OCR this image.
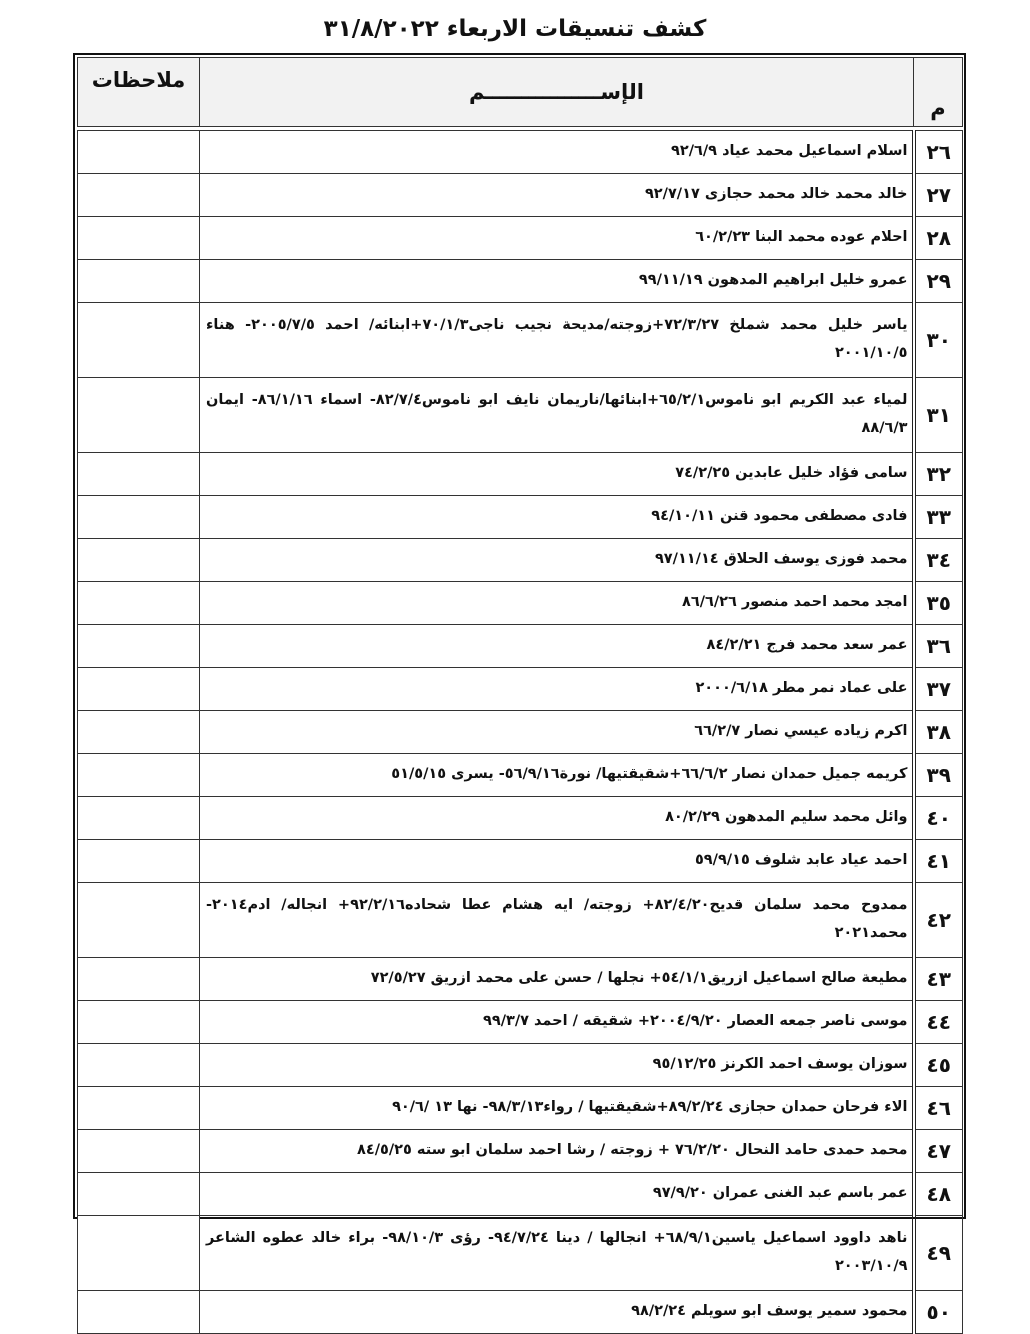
كشف تنسيقات الاربعاء ٣١/٨/٢٠٢٢
م	الإســــــــــــــــم	ملاحظات

٢٦	اسلام اسماعيل محمد عياد ٩٢/٦/٩	
٢٧	خالد محمد خالد محمد حجازى ٩٢/٧/١٧	
٢٨	احلام عوده محمد البنا ٦٠/٢/٢٣	
٢٩	عمرو خليل ابراهيم المدهون ٩٩/١١/١٩	
٣٠	ياسر خليل محمد شملخ ٧٢/٣/٢٧+زوجته/مديحة نجيب ناجى٧٠/١/٣+ابنائه/ احمد ٢٠٠٥/٧/٥- هناء ٢٠٠١/١٠/٥	
٣١	لمياء عبد الكريم ابو ناموس٦٥/٢/١+ابنائها/ناريمان نايف ابو ناموس٨٢/٧/٤- اسماء ٨٦/١/١٦- ايمان ٨٨/٦/٣	
٣٢	سامى فؤاد خليل عابدين ٧٤/٢/٢٥	
٣٣	فادى مصطفى محمود قنن ٩٤/١٠/١١	
٣٤	محمد فوزى يوسف الحلاق ٩٧/١١/١٤	
٣٥	امجد محمد احمد منصور ٨٦/٦/٢٦	
٣٦	عمر سعد محمد فرج ٨٤/٢/٢١	
٣٧	على عماد نمر مطر ٢٠٠٠/٦/١٨	
٣٨	اكرم زياده عيسي نصار ٦٦/٢/٧	
٣٩	كريمه جميل حمدان نصار ٦٦/٦/٢+شقيقتيها/ نورة٥٦/٩/١٦- يسرى ٥١/٥/١٥	
٤٠	وائل محمد سليم المدهون ٨٠/٢/٢٩	
٤١	احمد عياد عابد شلوف ٥٩/٩/١٥	
٤٢	ممدوح محمد سلمان قديح٨٢/٤/٢٠+ زوجته/ ايه هشام عطا شحاده٩٢/٢/١٦+ انجاله/ ادم٢٠١٤- محمد٢٠٢١	
٤٣	مطيعة صالح اسماعيل ازريق٥٤/١/١+ نجلها / حسن على محمد ازريق ٧٢/٥/٢٧	
٤٤	موسى ناصر جمعه العصار ٢٠٠٤/٩/٢٠+ شقيقه / احمد ٩٩/٣/٧	
٤٥	سوزان يوسف احمد الكرنز ٩٥/١٢/٢٥	
٤٦	الاء فرحان حمدان حجازى ٨٩/٢/٢٤+شقيقتيها / رواء٩٨/٣/١٣- نها ١٣ /٩٠/٦	
٤٧	محمد حمدى حامد النحال ٧٦/٢/٢٠ + زوجته / رشا احمد سلمان ابو سته ٨٤/٥/٢٥	
٤٨	عمر باسم عبد الغنى عمران ٩٧/٩/٢٠	
٤٩	ناهد داوود اسماعيل ياسين٦٨/٩/١+ انجالها / دينا ٩٤/٧/٢٤- رؤى ٩٨/١٠/٣- براء خالد عطوه الشاعر ٢٠٠٣/١٠/٩	
٥٠	محمود سمير يوسف ابو سويلم ٩٨/٢/٢٤	
